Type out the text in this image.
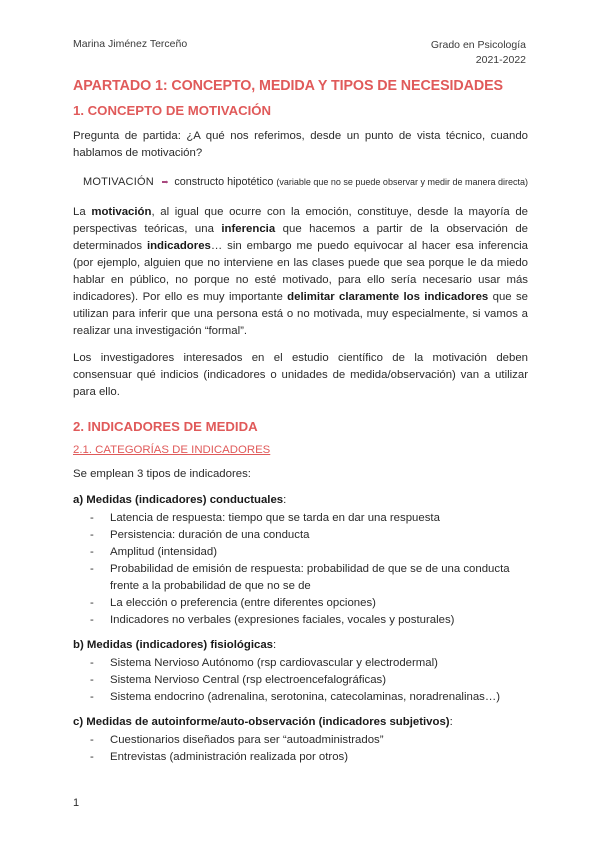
Marina Jiménez Terceño	Grado en Psicología
2021-2022
APARTADO 1: CONCEPTO, MEDIDA Y TIPOS DE NECESIDADES
1. CONCEPTO DE MOTIVACIÓN

Pregunta de partida: ¿A qué nos referimos, desde un punto de vista técnico, cuando hablamos de motivación?

MOTIVACIÓN constructo hipotético (variable que no se puede observar y medir de manera directa)

La motivación, al igual que ocurre con la emoción, constituye, desde la mayoría de perspectivas teóricas, una inferencia que hacemos a partir de la observación de determinados indicadores… sin embargo me puedo equivocar al hacer esa inferencia (por ejemplo, alguien que no interviene en las clases puede que sea porque le da miedo hablar en público, no porque no esté motivado, para ello sería necesario usar más indicadores). Por ello es muy importante delimitar claramente los indicadores que se utilizan para inferir que una persona está o no motivada, muy especialmente, si vamos a realizar una investigación “formal”.

Los investigadores interesados en el estudio científico de la motivación deben consensuar qué indicios (indicadores o unidades de medida/observación) van a utilizar para ello.

2. INDICADORES DE MEDIDA
2.1. CATEGORÍAS DE INDICADORES

Se emplean 3 tipos de indicadores:

a) Medidas (indicadores) conductuales:
- Latencia de respuesta: tiempo que se tarda en dar una respuesta
- Persistencia: duración de una conducta
- Amplitud (intensidad)
- Probabilidad de emisión de respuesta: probabilidad de que se de una conducta frente a la probabilidad de que no se de
- La elección o preferencia (entre diferentes opciones)
- Indicadores no verbales (expresiones faciales, vocales y posturales)
b) Medidas (indicadores) fisiológicas:
- Sistema Nervioso Autónomo (rsp cardiovascular y electrodermal)
- Sistema Nervioso Central (rsp electroencefalográficas)
- Sistema endocrino (adrenalina, serotonina, catecolaminas, noradrenalinas…)
c) Medidas de autoinforme/auto-observación (indicadores subjetivos):
- Cuestionarios diseñados para ser “autoadministrados”
- Entrevistas (administración realizada por otros)
1
